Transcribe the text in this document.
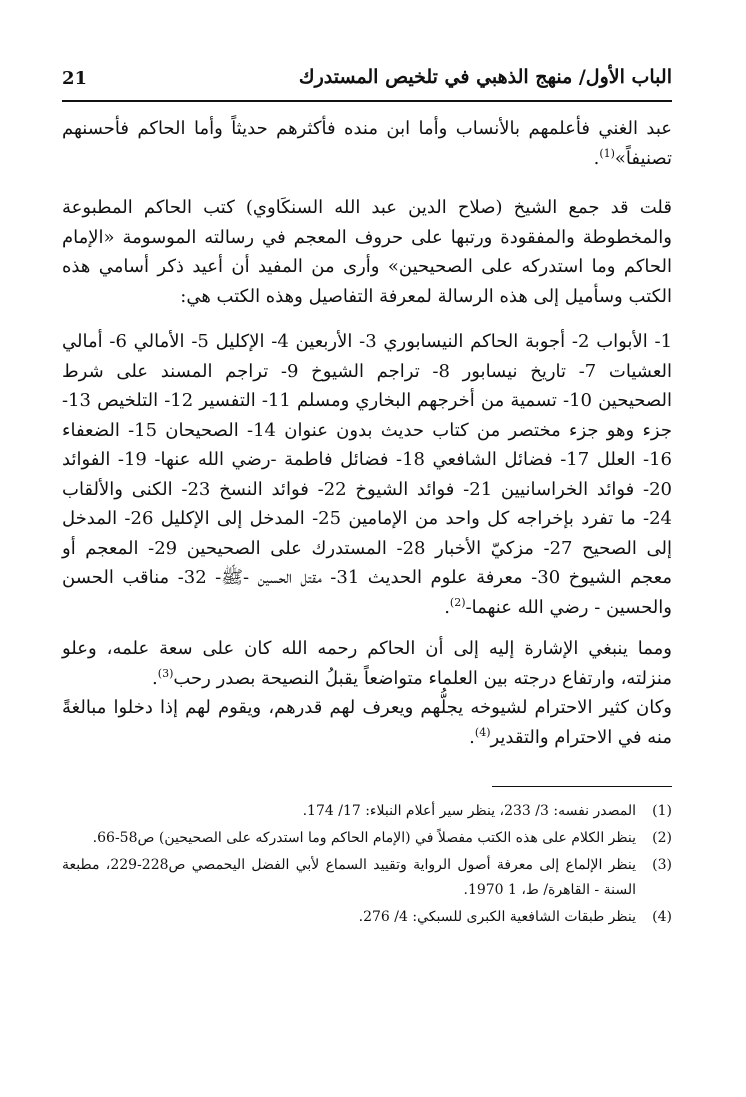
الباب الأول/ منهج الذهبي في تلخيص المستدرك
21

عبد الغني فأعلمهم بالأنساب وأما ابن منده فأكثرهم حديثاً وأما الحاكم فأحسنهم تصنيفاً»$^{(1)}$.

قلت قد جمع الشيخ (صلاح الدين عبد الله السنكَاوي) كتب الحاكم المطبوعة والمخطوطة والمفقودة ورتبها على حروف المعجم في رسالته الموسومة «الإمام الحاكم وما استدركه على الصحيحين» وأرى من المفيد أن أعيد ذكر أسامي هذه الكتب وسأميل إلى هذه الرسالة لمعرفة التفاصيل وهذه الكتب هي:

1- الأبواب 2- أجوبة الحاكم النيسابوري 3- الأربعين 4- الإكليل 5- الأمالي 6- أمالي العشيات 7- تاريخ نيسابور 8- تراجم الشيوخ 9- تراجم المسند على شرط الصحيحين 10- تسمية من أخرجهم البخاري ومسلم 11- التفسير 12- التلخيص 13- جزء وهو جزء مختصر من كتاب حديث بدون عنوان 14- الصحيحان 15- الضعفاء 16- العلل 17- فضائل الشافعي 18- فضائل فاطمة -رضي الله عنها- 19- الفوائد 20- فوائد الخراسانيين 21- فوائد الشيوخ 22- فوائد النسخ 23- الكنى والألقاب 24- ما تفرد بإخراجه كل واحد من الإمامين 25- المدخل إلى الإكليل 26- المدخل إلى الصحيح 27- مزكيّ الأخبار 28- المستدرك على الصحيحين 29- المعجم أو معجم الشيوخ 30- معرفة علوم الحديث 31- مقتل الحسين -ﷺ- 32- مناقب الحسن والحسين - رضي الله عنهما-$^{(2)}$.

ومما ينبغي الإشارة إليه إلى أن الحاكم رحمه الله كان على سعة علمه، وعلو منزلته، وارتفاع درجته بين العلماء متواضعاً يقبلُ النصيحة بصدر رحب$^{(3)}$.
وكان كثير الاحترام لشيوخه يجلُّهم ويعرف لهم قدرهم، ويقوم لهم إذا دخلوا مبالغةً منه في الاحترام والتقدير$^{(4)}$.

(1)
المصدر نفسه: 3/ 233، ينظر سير أعلام النبلاء: 17/ 174.
(2)
ينظر الكلام على هذه الكتب مفصلاً في (الإمام الحاكم وما استدركه على الصحيحين) ص58-66.
(3)
ينظر الإلماع إلى معرفة أصول الرواية وتقييد السماع لأبي الفضل اليحمصي ص228-229، مطبعة السنة - القاهرة/ ط، 1 1970.
(4)
ينظر طبقات الشافعية الكبرى للسبكي: 4/ 276.
